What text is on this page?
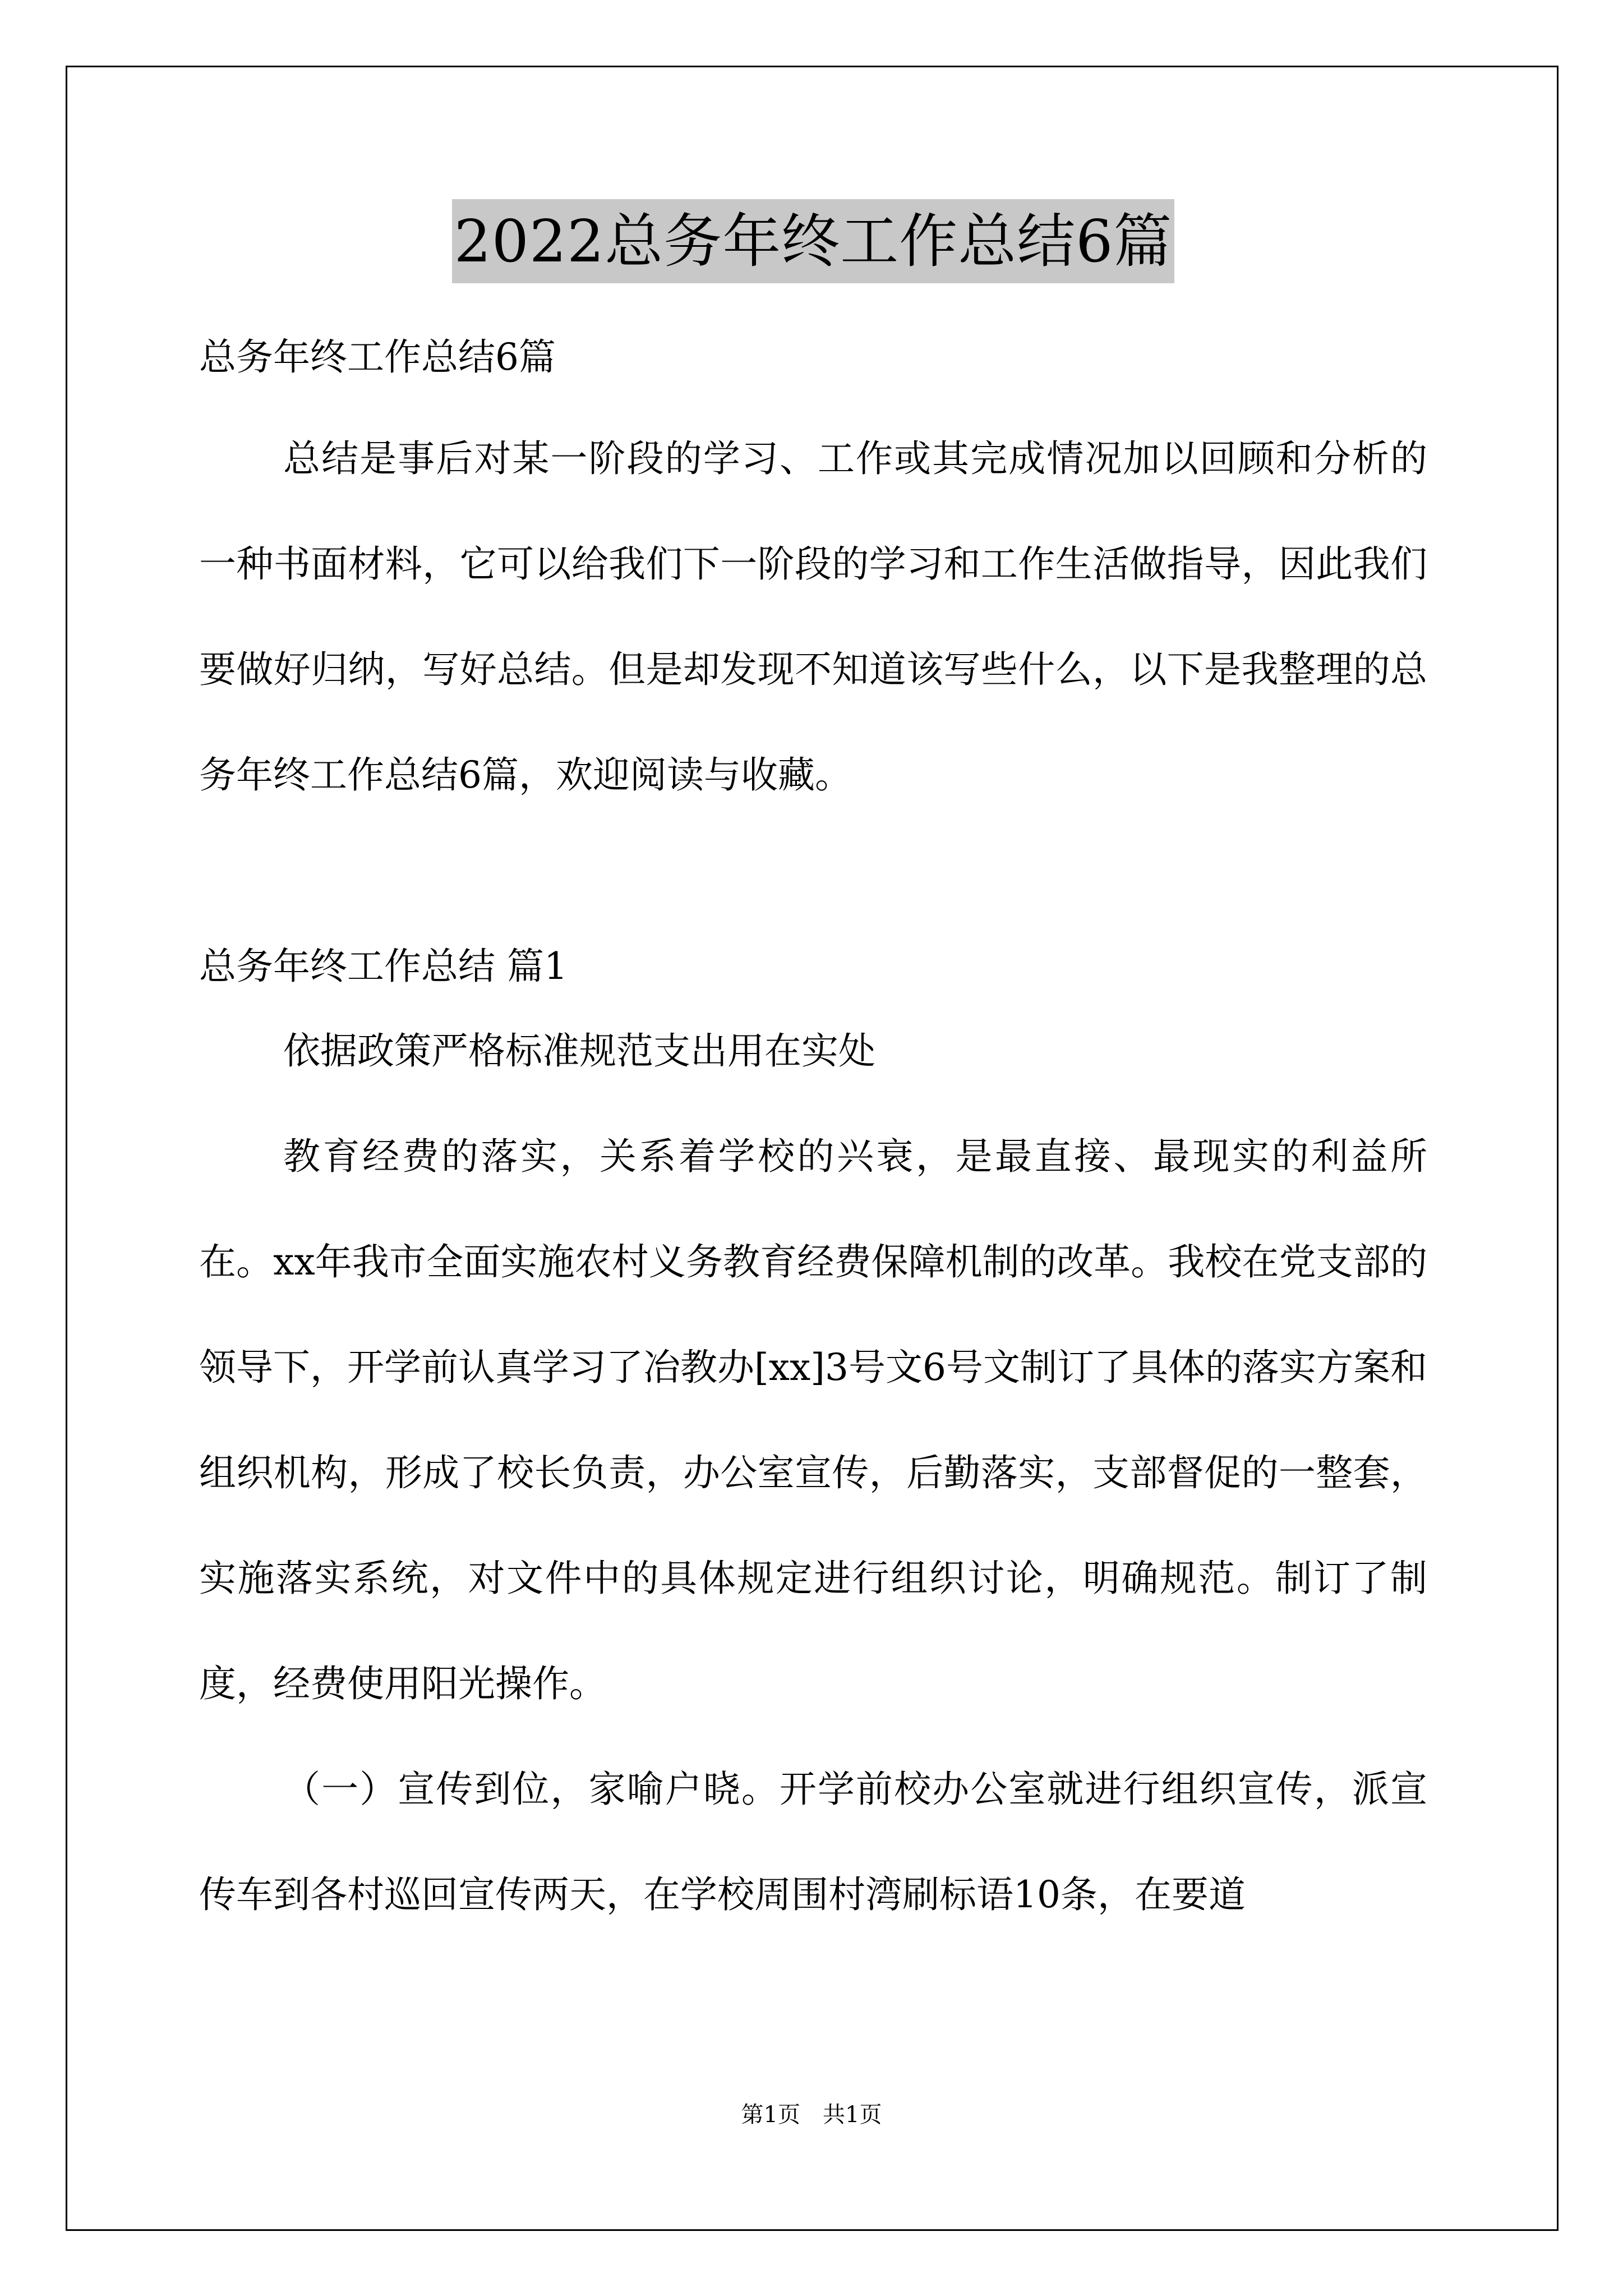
2022总务年终工作总结6篇

总务年终工作总结6篇

总结是事后对某一阶段的学习、工作或其完成情况加以回顾和分析的一种书面材料，它可以给我们下一阶段的学习和工作生活做指导，因此我们要做好归纳，写好总结。但是却发现不知道该写些什么，以下是我整理的总务年终工作总结6篇，欢迎阅读与收藏。

总务年终工作总结 篇1

依据政策严格标准规范支出用在实处

教育经费的落实，关系着学校的兴衰，是最直接、最现实的利益所在。xx年我市全面实施农村义务教育经费保障机制的改革。我校在党支部的领导下，开学前认真学习了冶教办[xx]3号文6号文制订了具体的落实方案和组织机构，形成了校长负责，办公室宣传，后勤落实，支部督促的一整套，实施落实系统，对文件中的具体规定进行组织讨论，明确规范。制订了制度，经费使用阳光操作。

（一）宣传到位，家喻户晓。开学前校办公室就进行组织宣传，派宣传车到各村巡回宣传两天，在学校周围村湾刷标语10条，在要道

第1页　共1页
